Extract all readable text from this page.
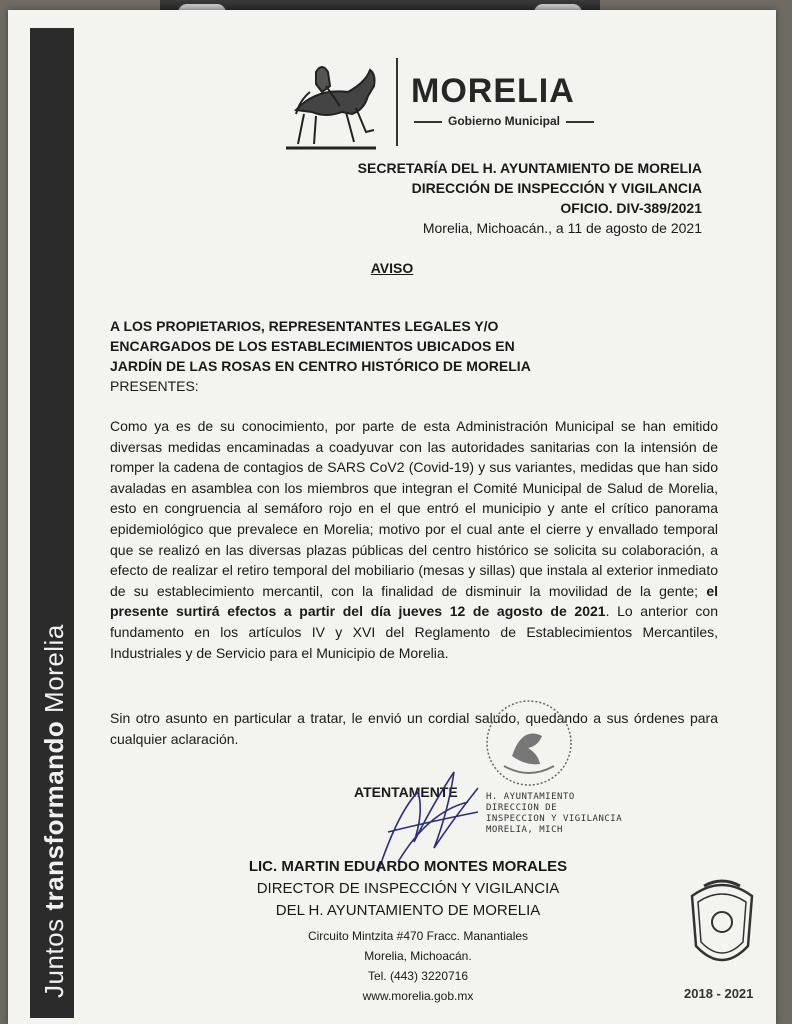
Juntos transformando Morelia
MORELIA
Gobierno Municipal
SECRETARÍA DEL H. AYUNTAMIENTO DE MORELIA
DIRECCIÓN DE INSPECCIÓN Y VIGILANCIA
OFICIO. DIV-389/2021
Morelia, Michoacán., a 11 de agosto de 2021
AVISO
A LOS PROPIETARIOS, REPRESENTANTES LEGALES Y/O
ENCARGADOS DE LOS ESTABLECIMIENTOS UBICADOS EN
JARDÍN DE LAS ROSAS EN CENTRO HISTÓRICO DE MORELIA
PRESENTES:
Como ya es de su conocimiento, por parte de esta Administración Municipal se han emitido diversas medidas encaminadas a coadyuvar con las autoridades sanitarias con la intensión de romper la cadena de contagios de SARS CoV2 (Covid-19) y sus variantes, medidas que han sido avaladas en asamblea con los miembros que integran el Comité Municipal de Salud de Morelia, esto en congruencia al semáforo rojo en el que entró el municipio y ante el crítico panorama epidemiológico que prevalece en Morelia; motivo por el cual ante el cierre y envallado temporal que se realizó en las diversas plazas públicas del centro histórico se solicita su colaboración, a efecto de realizar el retiro temporal del mobiliario (mesas y sillas) que instala al exterior inmediato de su establecimiento mercantil, con la finalidad de disminuir la movilidad de la gente; el presente surtirá efectos a partir del día jueves 12 de agosto de 2021. Lo anterior con fundamento en los artículos IV y XVI del Reglamento de Establecimientos Mercantiles, Industriales y de Servicio para el Municipio de Morelia.
Sin otro asunto en particular a tratar, le envió un cordial saludo, quedando a sus órdenes para cualquier aclaración.
ATENTAMENTE	H. AYUNTAMIENTO
DIRECCION DE
INSPECCION Y VIGILANCIA
MORELIA, MICH
LIC. MARTIN EDUARDO MONTES MORALES
DIRECTOR DE INSPECCIÓN Y VIGILANCIA
DEL H. AYUNTAMIENTO DE MORELIA
Circuito Mintzita #470 Fracc. Manantiales
Morelia, Michoacán.
Tel. (443) 3220716
www.morelia.gob.mx	2018 - 2021
